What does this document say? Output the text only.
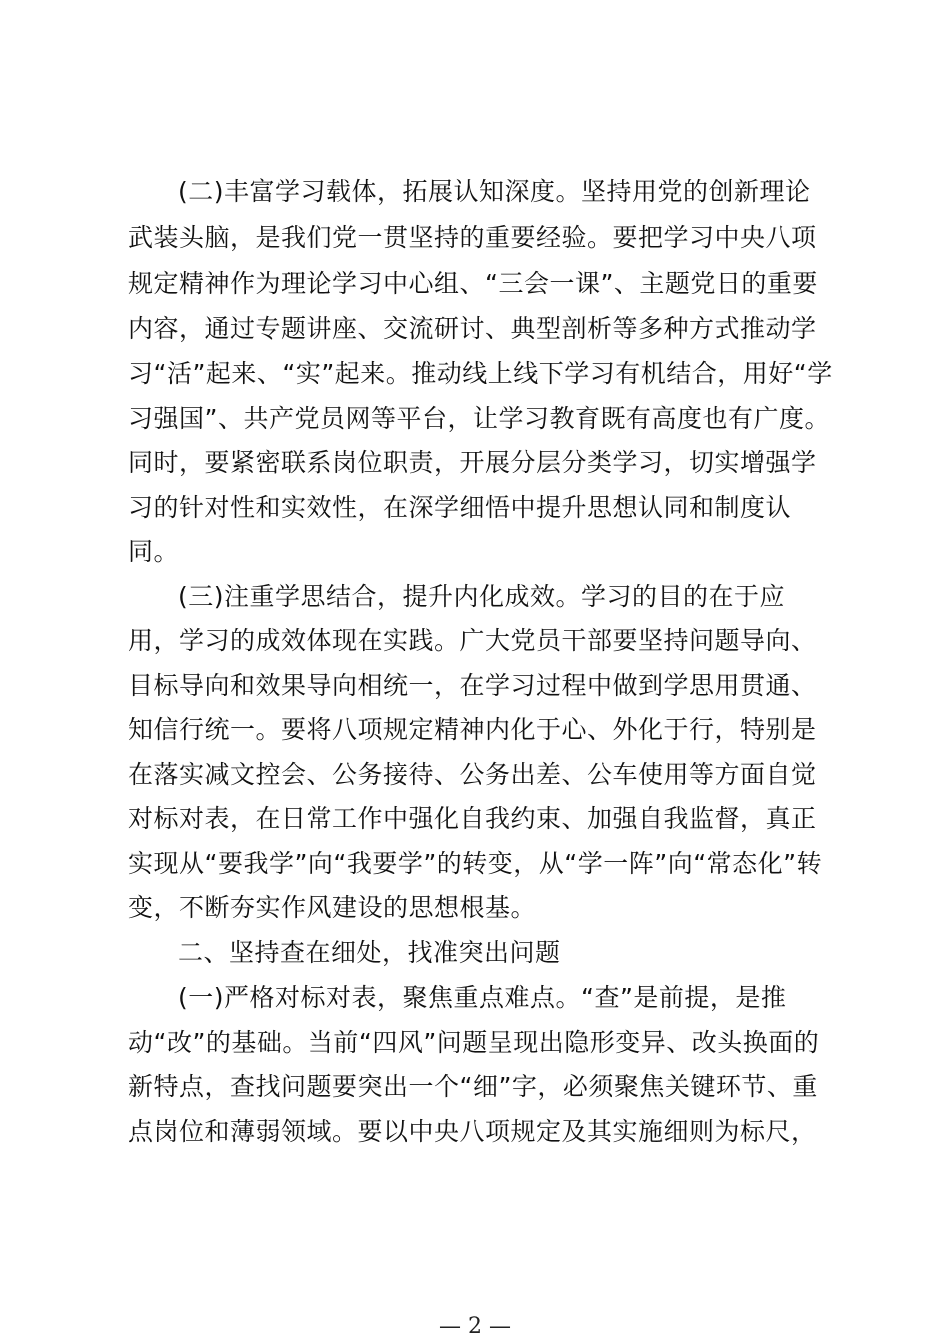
(二)丰富学习载体，拓展认知深度。坚持用党的创新理论
武装头脑，是我们党一贯坚持的重要经验。要把学习中央八项
规定精神作为理论学习中心组、“三会一课”、主题党日的重要
内容，通过专题讲座、交流研讨、典型剖析等多种方式推动学
习“活”起来、“实”起来。推动线上线下学习有机结合，用好“学
习强国”、共产党员网等平台，让学习教育既有高度也有广度。
同时，要紧密联系岗位职责，开展分层分类学习，切实增强学
习的针对性和实效性，在深学细悟中提升思想认同和制度认
同。
(三)注重学思结合，提升内化成效。学习的目的在于应
用，学习的成效体现在实践。广大党员干部要坚持问题导向、
目标导向和效果导向相统一，在学习过程中做到学思用贯通、
知信行统一。要将八项规定精神内化于心、外化于行，特别是
在落实减文控会、公务接待、公务出差、公车使用等方面自觉
对标对表，在日常工作中强化自我约束、加强自我监督，真正
实现从“要我学”向“我要学”的转变，从“学一阵”向“常态化”转
变，不断夯实作风建设的思想根基。
二、坚持查在细处，找准突出问题
(一)严格对标对表，聚焦重点难点。“查”是前提，是推
动“改”的基础。当前“四风”问题呈现出隐形变异、改头换面的
新特点，查找问题要突出一个“细”字，必须聚焦关键环节、重
点岗位和薄弱领域。要以中央八项规定及其实施细则为标尺，
— 2 —
